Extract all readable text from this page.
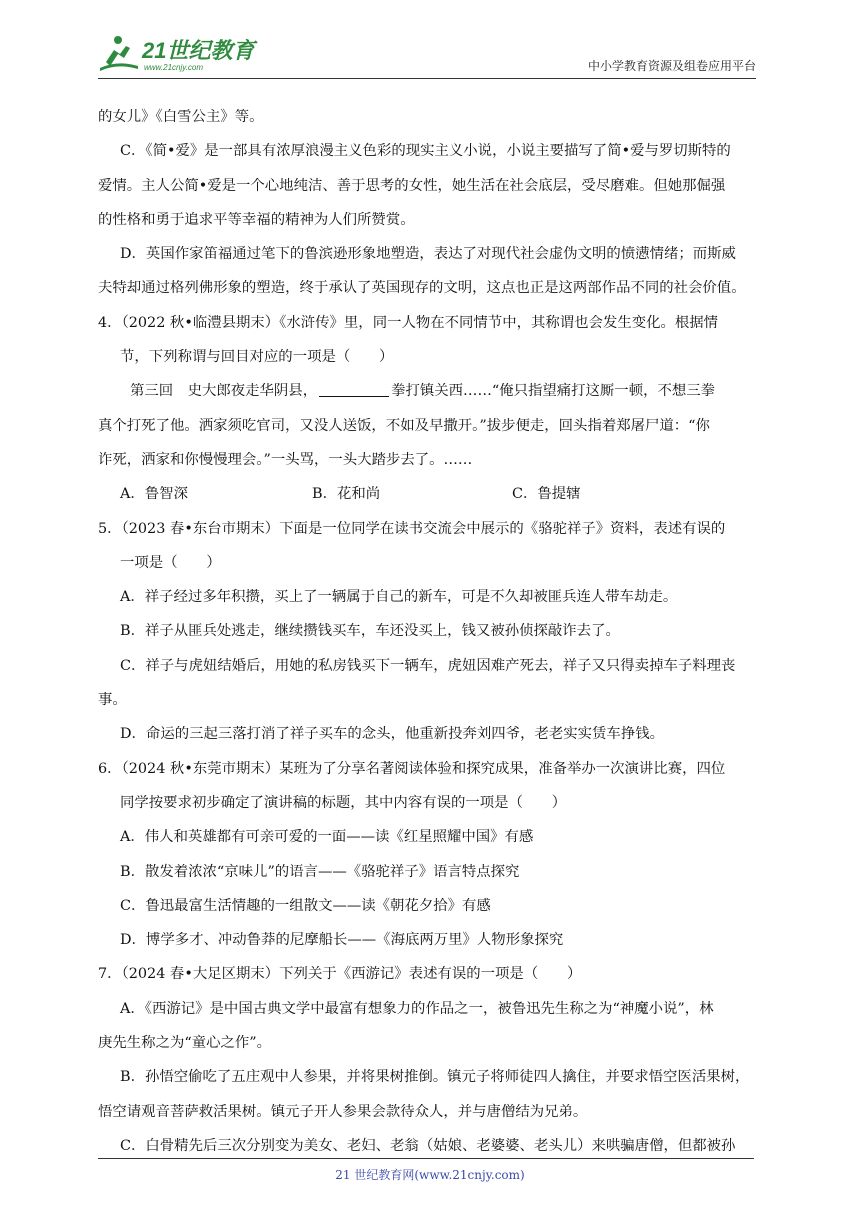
21世纪教育
www.21cnjy.com	中小学教育资源及组卷应用平台

的女儿》《白雪公主》等。

C．《简•爱》是一部具有浓厚浪漫主义色彩的现实主义小说，小说主要描写了简•爱与罗切斯特的

爱情。主人公简•爱是一个心地纯洁、善于思考的女性，她生活在社会底层，受尽磨难。但她那倔强

的性格和勇于追求平等幸福的精神为人们所赞赏。

D．英国作家笛福通过笔下的鲁滨逊形象地塑造，表达了对现代社会虚伪文明的愤懑情绪；而斯威

夫特却通过格列佛形象的塑造，终于承认了英国现存的文明，这点也正是这两部作品不同的社会价值。

4．（2022 秋•临澧县期末）《水浒传》里，同一人物在不同情节中，其称谓也会发生变化。根据情

节，下列称谓与回目对应的一项是（　　）

第三回　史大郎夜走华阴县，	拳打镇关西……“俺只指望痛打这厮一顿，不想三拳

真个打死了他。洒家须吃官司，又没人送饭，不如及早撒开。”拔步便走，回头指着郑屠尸道：“你

诈死，洒家和你慢慢理会。”一头骂，一头大踏步去了。……

A．鲁智深	B．花和尚	C．鲁提辖

5．（2023 春•东台市期末）下面是一位同学在读书交流会中展示的《骆驼祥子》资料，表述有误的

一项是（　　）

A．祥子经过多年积攒，买上了一辆属于自己的新车，可是不久却被匪兵连人带车劫走。

B．祥子从匪兵处逃走，继续攒钱买车，车还没买上，钱又被孙侦探敲诈去了。

C．祥子与虎妞结婚后，用她的私房钱买下一辆车，虎妞因难产死去，祥子又只得卖掉车子料理丧

事。

D．命运的三起三落打消了祥子买车的念头，他重新投奔刘四爷，老老实实赁车挣钱。

6．（2024 秋•东莞市期末）某班为了分享名著阅读体验和探究成果，准备举办一次演讲比赛，四位

同学按要求初步确定了演讲稿的标题，其中内容有误的一项是（　　）

A．伟人和英雄都有可亲可爱的一面——读《红星照耀中国》有感

B．散发着浓浓“京味儿”的语言——《骆驼祥子》语言特点探究

C．鲁迅最富生活情趣的一组散文——读《朝花夕拾》有感

D．博学多才、冲动鲁莽的尼摩船长——《海底两万里》人物形象探究

7．（2024 春•大足区期末）下列关于《西游记》表述有误的一项是（　　）

A．《西游记》是中国古典文学中最富有想象力的作品之一，被鲁迅先生称之为“神魔小说”，林

庚先生称之为“童心之作”。

B．孙悟空偷吃了五庄观中人参果，并将果树推倒。镇元子将师徒四人擒住，并要求悟空医活果树，

悟空请观音菩萨救活果树。镇元子开人参果会款待众人，并与唐僧结为兄弟。

C．白骨精先后三次分别变为美女、老妇、老翁（姑娘、老婆婆、老头儿）来哄骗唐僧，但都被孙

21 世纪教育网(www.21cnjy.com)
